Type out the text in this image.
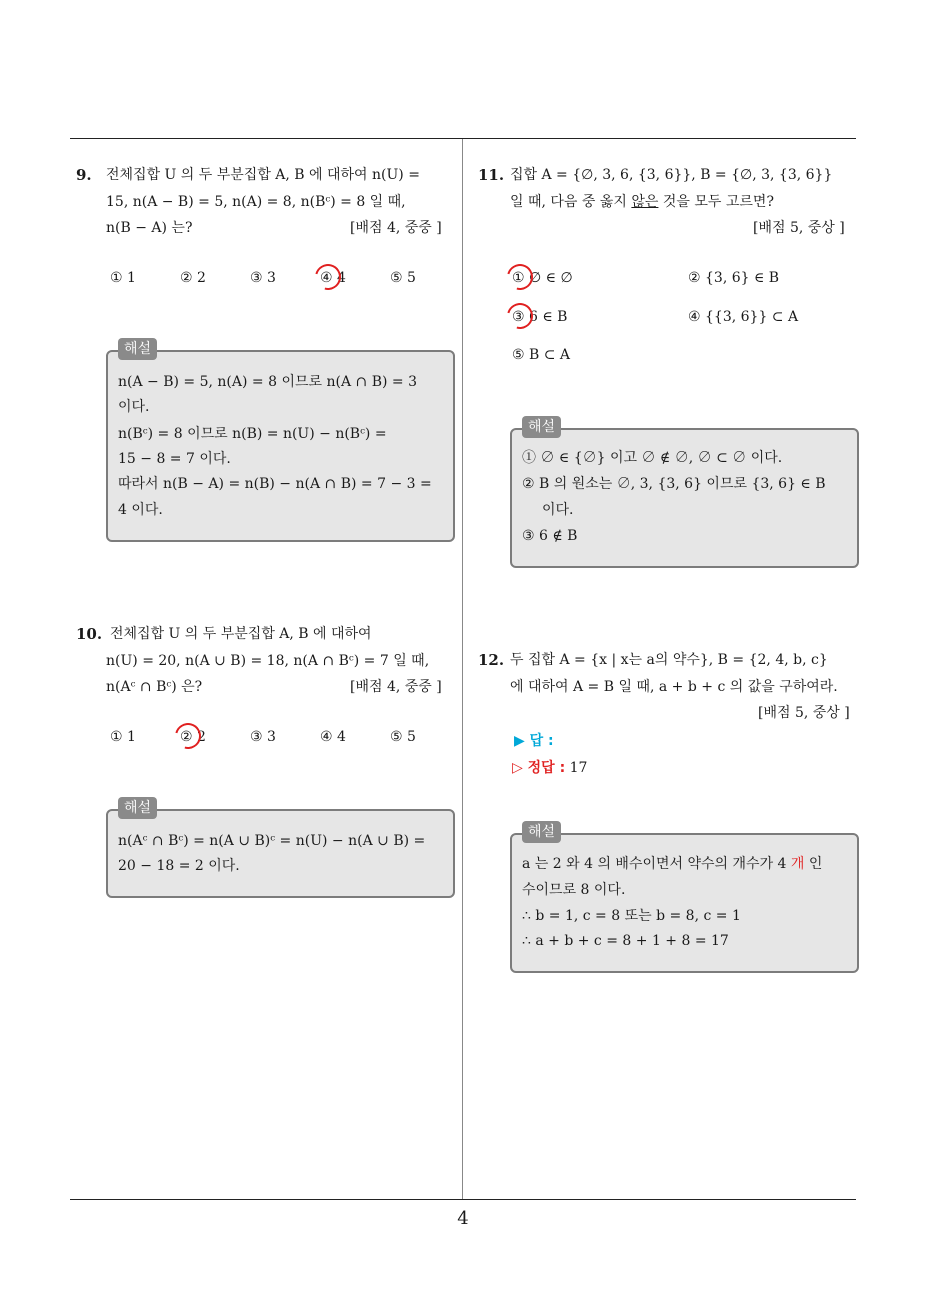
4
9. 전체집합 U 의 두 부분집합 A, B 에 대하여 n(U) =
15, n(A − B) = 5, n(A) = 8, n(Bᶜ) = 8 일 때,
n(B − A) 는?	[배점 4, 중중 ]
① 1	② 2	③ 3	④ 4	⑤ 5
해설
n(A − B) = 5, n(A) = 8 이므로 n(A ∩ B) = 3
이다.
n(Bᶜ) = 8 이므로 n(B) = n(U) − n(Bᶜ) =
15 − 8 = 7 이다.
따라서 n(B − A) = n(B) − n(A ∩ B) = 7 − 3 =
4 이다.
10. 전체집합 U 의 두 부분집합 A, B 에 대하여
n(U) = 20, n(A ∪ B) = 18, n(A ∩ Bᶜ) = 7 일 때,
n(Aᶜ ∩ Bᶜ) 은?	[배점 4, 중중 ]
① 1	② 2	③ 3	④ 4	⑤ 5
해설
n(Aᶜ ∩ Bᶜ) = n(A ∪ B)ᶜ = n(U) − n(A ∪ B) =
20 − 18 = 2 이다.
11. 집합 A = {∅, 3, 6, {3, 6}}, B = {∅, 3, {3, 6}}
일 때, 다음 중 옳지 않은 것을 모두 고르면?
[배점 5, 중상 ]
① ∅ ∈ ∅	② {3, 6} ∈ B
③ 6 ∈ B	④ {{3, 6}} ⊂ A
⑤ B ⊂ A
해설
① ∅ ∈ {∅} 이고 ∅ ∉ ∅, ∅ ⊂ ∅ 이다.
② B 의 원소는 ∅, 3, {3, 6} 이므로 {3, 6} ∈ B
이다.
③ 6 ∉ B
12. 두 집합 A = {x | x는 a의 약수}, B = {2, 4, b, c}
에 대하여 A = B 일 때, a + b + c 의 값을 구하여라.
[배점 5, 중상 ]
▶ 답 :
▷ 정답 : 17
해설
a 는 2 와 4 의 배수이면서 약수의 개수가 4 개 인
수이므로 8 이다.
∴ b = 1, c = 8 또는 b = 8, c = 1
∴ a + b + c = 8 + 1 + 8 = 17
